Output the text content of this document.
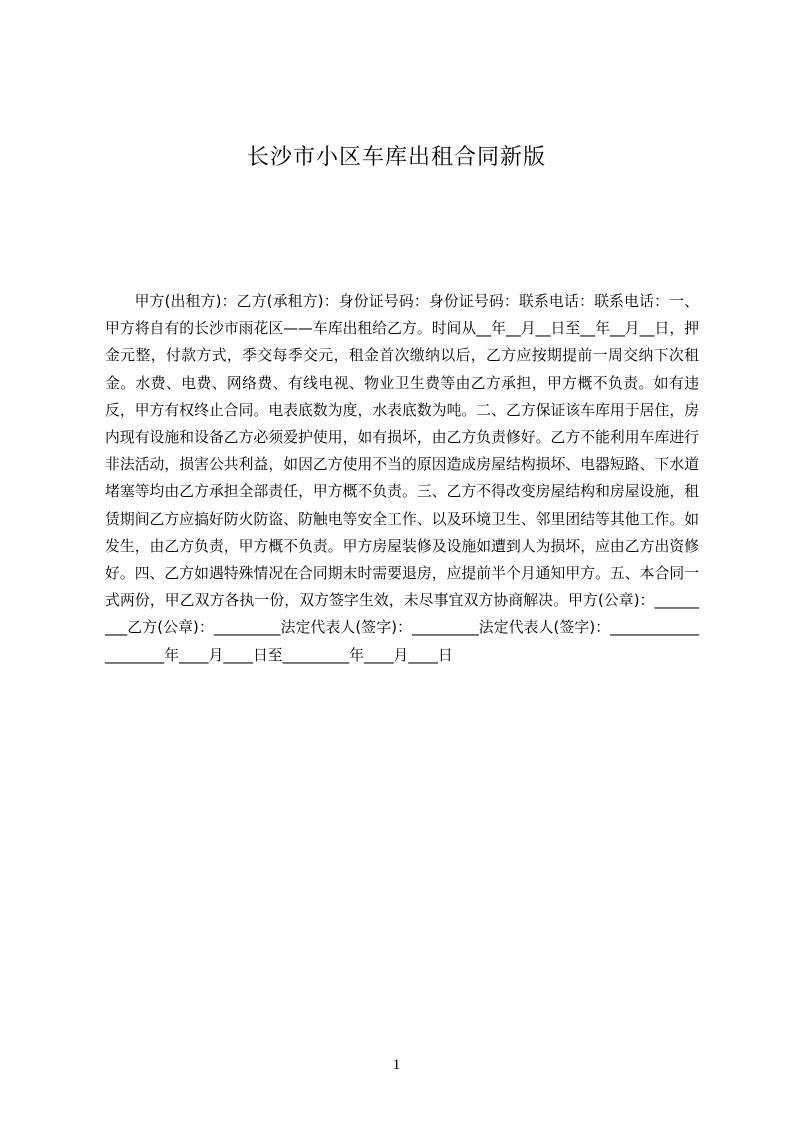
长沙市小区车库出租合同新版

甲方(出租方)：乙方(承租方)：身份证号码：身份证号码：联系电话：联系电话：一、甲方将自有的长沙市雨花区——车库出租给乙方。时间从__年__月__日至__年__月__日，押金元整，付款方式，季交每季交元，租金首次缴纳以后，乙方应按期提前一周交纳下次租金。水费、电费、网络费、有线电视、物业卫生费等由乙方承担，甲方概不负责。如有违反，甲方有权终止合同。电表底数为度，水表底数为吨。二、乙方保证该车库用于居住，房内现有设施和设备乙方必须爱护使用，如有损坏，由乙方负责修好。乙方不能利用车库进行非法活动，损害公共利益，如因乙方使用不当的原因造成房屋结构损坏、电器短路、下水道堵塞等均由乙方承担全部责任，甲方概不负责。三、乙方不得改变房屋结构和房屋设施，租赁期间乙方应搞好防火防盗、防触电等安全工作、以及环境卫生、邻里团结等其他工作。如发生，由乙方负责，甲方概不负责。甲方房屋装修及设施如遭到人为损坏，应由乙方出资修好。四、乙方如遇特殊情况在合同期末时需要退房，应提前半个月通知甲方。五、本合同一式两份，甲乙双方各执一份，双方签字生效，未尽事宜双方协商解决。甲方(公章)：_________乙方(公章)：_________法定代表人(签字)：_________法定代表人(签字)：____________________年____月____日至_________年____月____日

1
